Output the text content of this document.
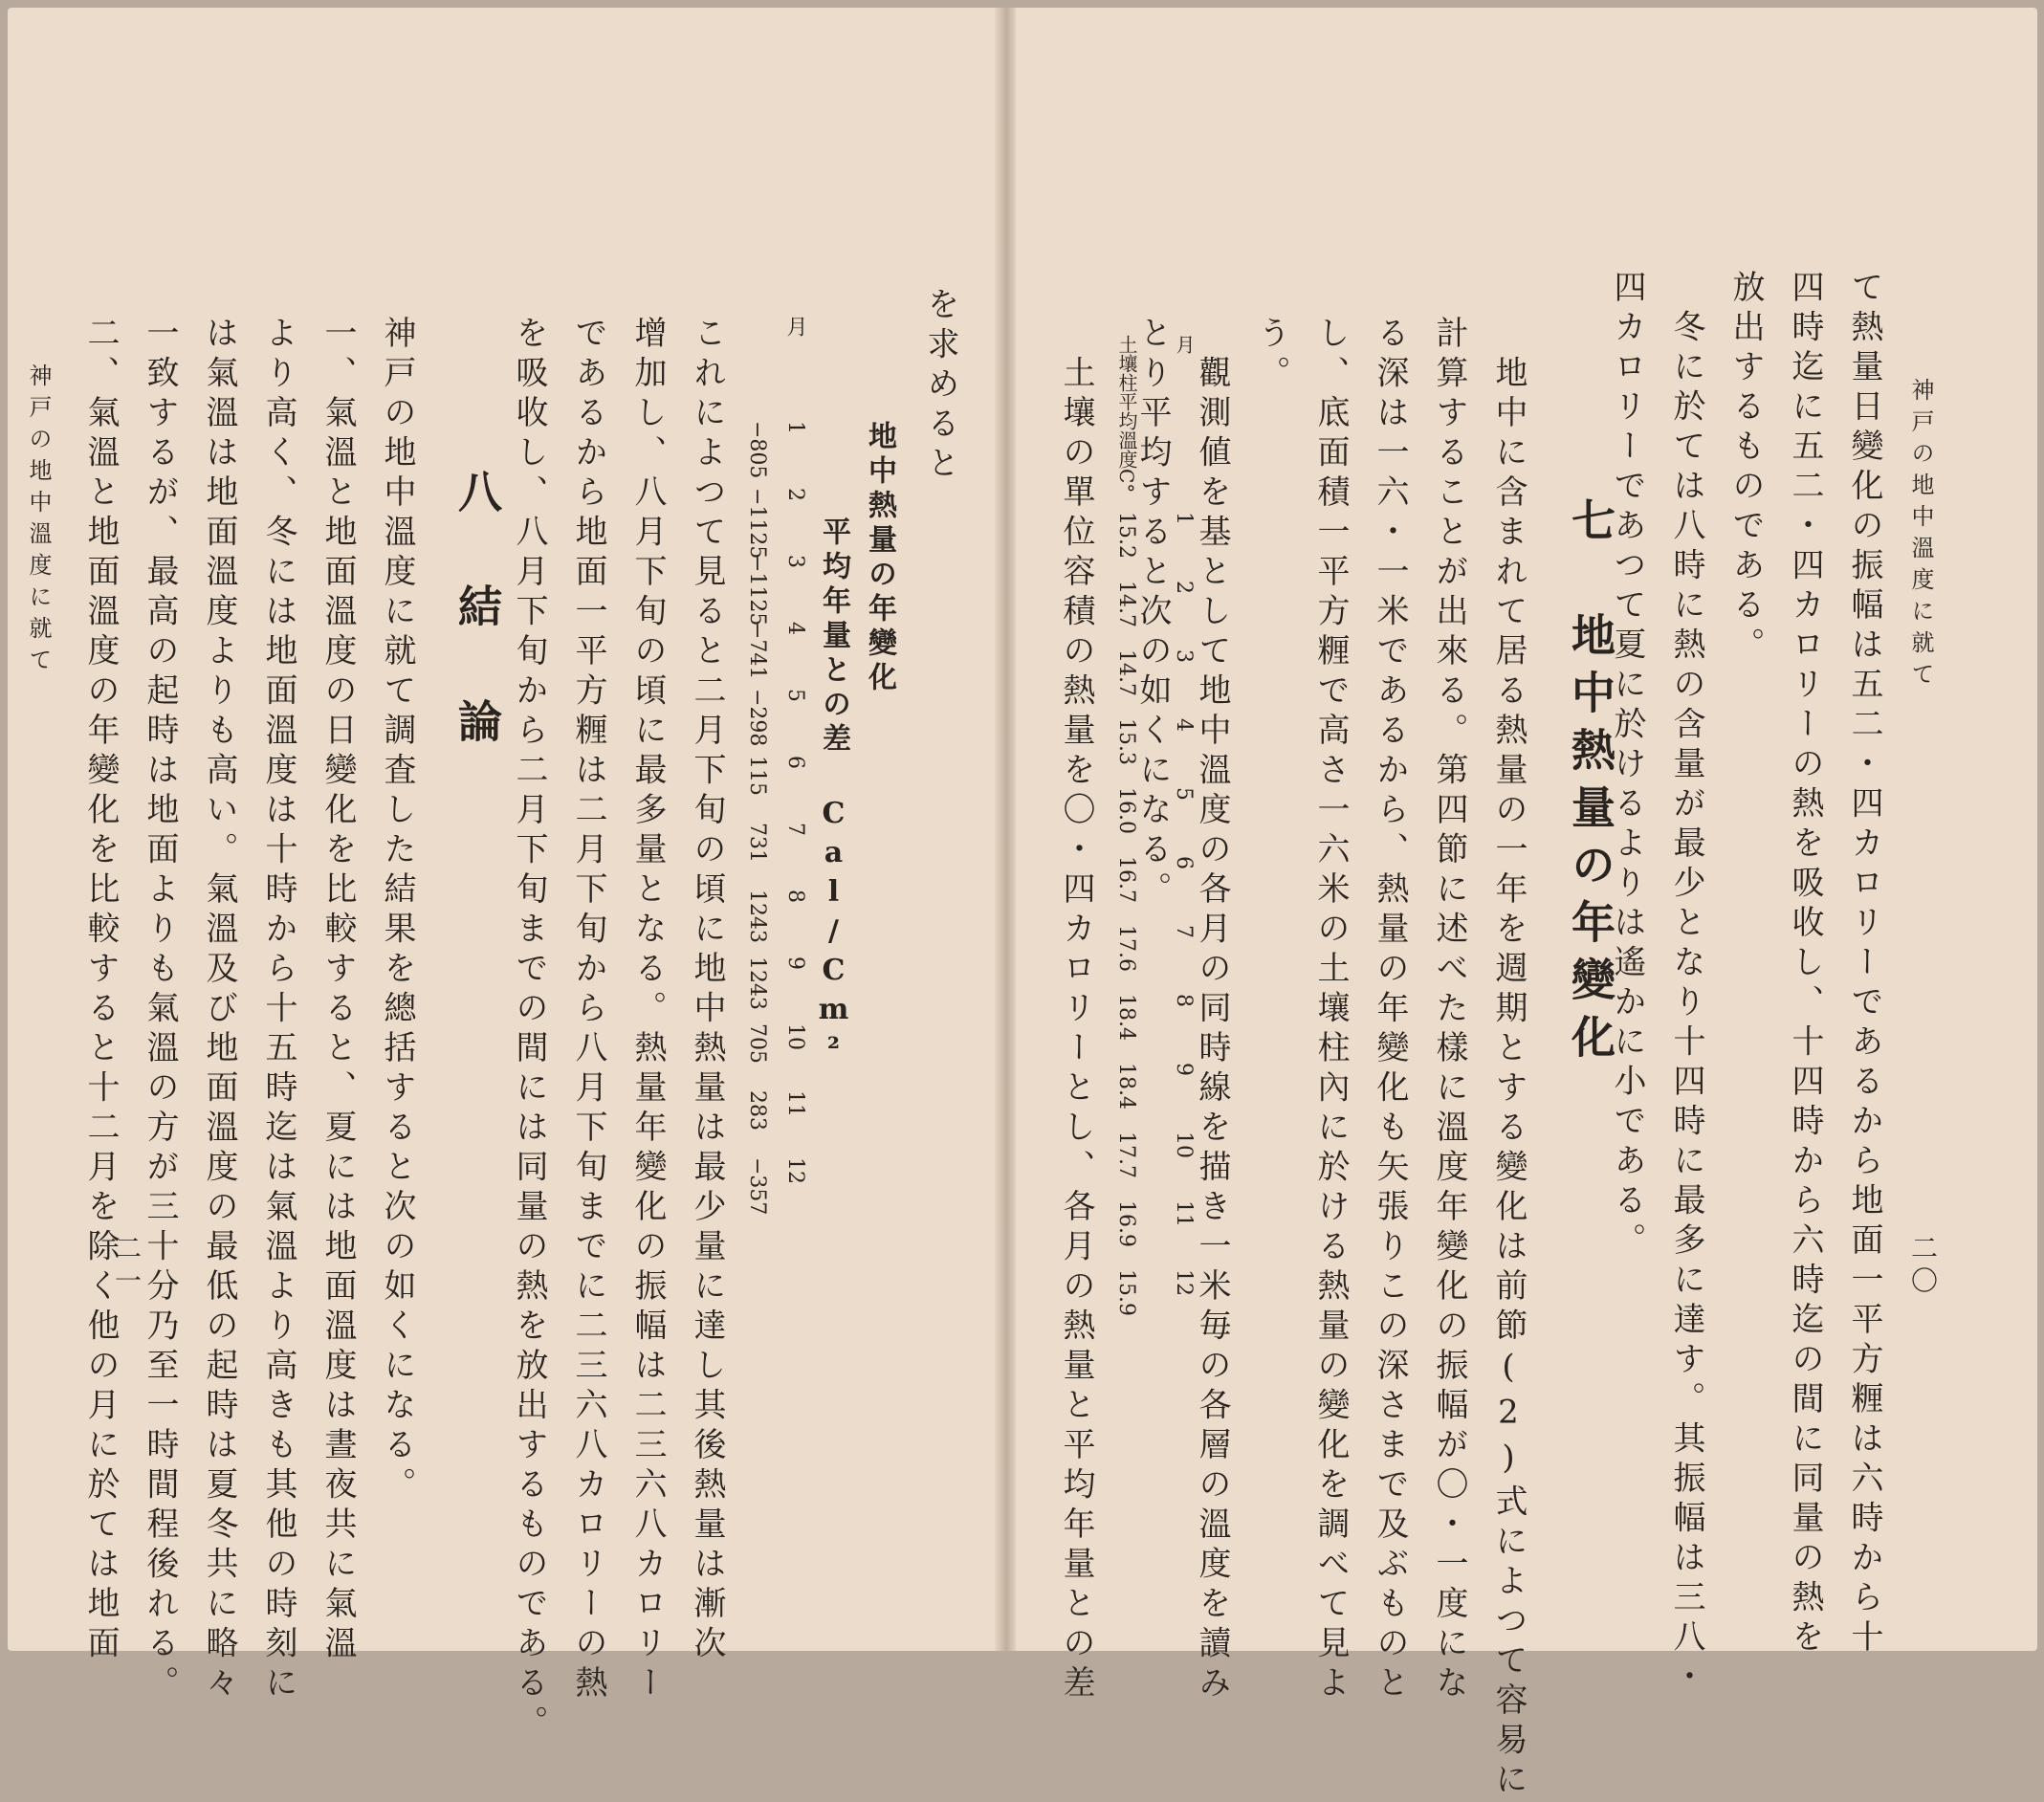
神戸の地中溫度に就て
て熱量日變化の振幅は五二・四カロリーであるから地面一平方糎は六時から十
四時迄に五二・四カロリーの熱を吸收し、十四時から六時迄の間に同量の熱を
放出するものである。
　冬に於ては八時に熱の含量が最少となり十四時に最多に達す。其振幅は三八・
四カロリーであつて夏に於けるよりは遙かに小である。
七　地中熱量の年變化
　地中に含まれて居る熱量の一年を週期とする變化は前節(2)式によつて容易に
計算することが出來る。第四節に述べた樣に溫度年變化の振幅が〇・一度にな
る深は一六・一米であるから、熱量の年變化も矢張りこの深さまで及ぶものと
し、底面積一平方糎で高さ一六米の土壤柱內に於ける熱量の變化を調べて見よ
う。
　觀測値を基として地中溫度の各月の同時線を描き一米毎の各層の溫度を讀み
とり平均すると次の如くになる。 月
1
2
3
4
5
6
7
8
9
10
11
12
土壤柱平均溫度C°
15.2
14.7
14.7
15.3
16.0
16.7
17.6
18.4
18.4
17.7
16.9
15.9
　土壤の單位容積の熱量を〇・四カロリーとし、各月の熱量と平均年量との差	二〇
を求めると
地中熱量の年變化
平均年量との差 Cal/Cm²
月
1
2
3
4
5
6
7
8
9
10
11
12
−805
−1125
−1125
−741
−298
115
731
1243
1243
705
283
−357
これによつて見ると二月下旬の頃に地中熱量は最少量に達し其後熱量は漸次
增加し、八月下旬の頃に最多量となる。熱量年變化の振幅は二三六八カロリー
であるから地面一平方糎は二月下旬から八月下旬までに二三六八カロリーの熱
を吸收し、八月下旬から二月下旬までの間には同量の熱を放出するものである。
八　結　論
神戸の地中溫度に就て調査した結果を總括すると次の如くになる。
一、氣溫と地面溫度の日變化を比較すると、夏には地面溫度は晝夜共に氣溫
より高く、冬には地面溫度は十時から十五時迄は氣溫より高きも其他の時刻に
は氣溫は地面溫度よりも高い。氣溫及び地面溫度の最低の起時は夏冬共に略々
一致するが、最高の起時は地面よりも氣溫の方が三十分乃至一時間程後れる。
二、氣溫と地面溫度の年變化を比較すると十二月を除く他の月に於ては地面
神戸の地中溫度に就て
二一
